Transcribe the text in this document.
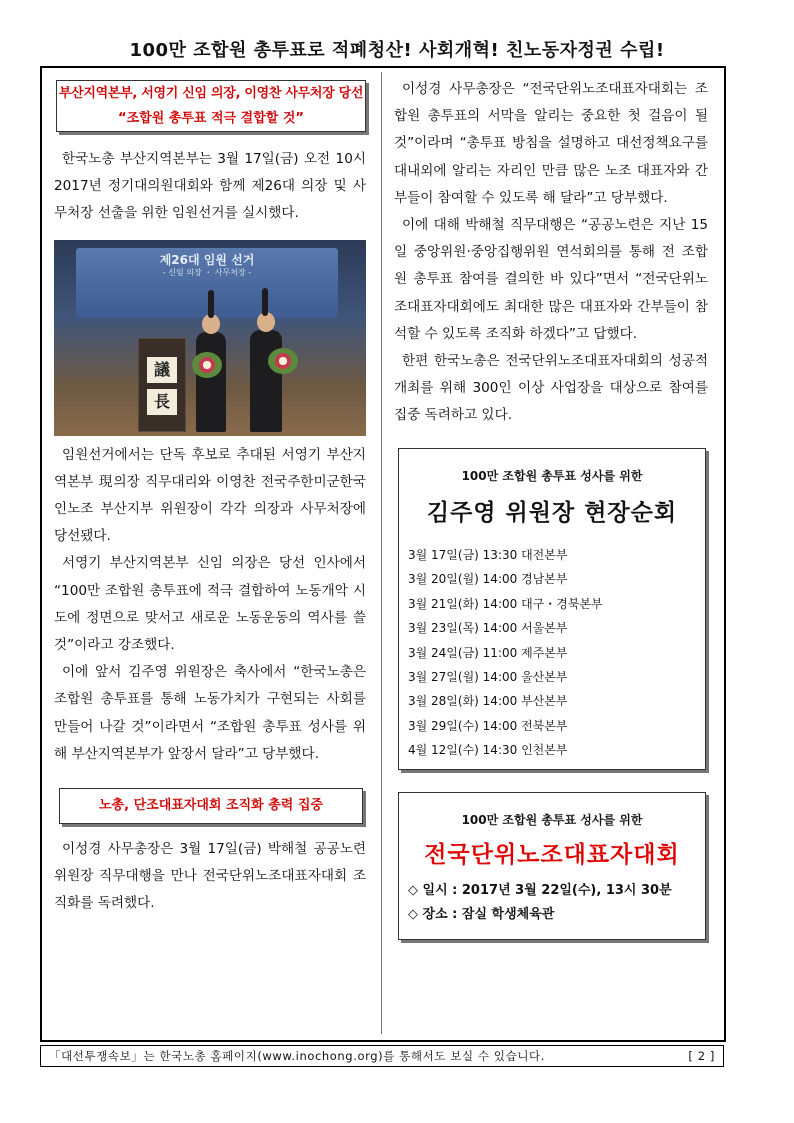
100만 조합원 총투표로 적폐청산! 사회개혁! 친노동자정권 수립!
부산지역본부, 서영기 신임 의장, 이영찬 사무처장 당선
“조합원 총투표 적극 결합할 것”

한국노총 부산지역본부는 3월 17일(금) 오전 10시 2017년 정기대의원대회와 함께 제26대 의장 및 사무처장 선출을 위한 임원선거를 실시했다.

제26대 임원 선거
- 신임 의장 ・ 사무처장 -
議
長

임원선거에서는 단독 후보로 추대된 서영기 부산지역본부 現의장 직무대리와 이영찬 전국주한미군한국인노조 부산지부 위원장이 각각 의장과 사무처장에 당선됐다.

서영기 부산지역본부 신임 의장은 당선 인사에서 “100만 조합원 총투표에 적극 결합하여 노동개악 시도에 정면으로 맞서고 새로운 노동운동의 역사를 쓸 것”이라고 강조했다.

이에 앞서 김주영 위원장은 축사에서 “한국노총은 조합원 총투표를 통해 노동가치가 구현되는 사회를 만들어 나갈 것”이라면서 “조합원 총투표 성사를 위해 부산지역본부가 앞장서 달라”고 당부했다.

노총, 단조대표자대회 조직화 총력 집중

이성경 사무총장은 3월 17일(금) 박해철 공공노련 위원장 직무대행을 만나 전국단위노조대표자대회 조직화를 독려했다.

이성경 사무총장은 “전국단위노조대표자대회는 조합원 총투표의 서막을 알리는 중요한 첫 걸음이 될 것”이라며 “총투표 방침을 설명하고 대선정책요구를 대내외에 알리는 자리인 만큼 많은 노조 대표자와 간부들이 참여할 수 있도록 해 달라”고 당부했다.

이에 대해 박해철 직무대행은 “공공노련은 지난 15일 중앙위원·중앙집행위원 연석회의를 통해 전 조합원 총투표 참여를 결의한 바 있다”면서 “전국단위노조대표자대회에도 최대한 많은 대표자와 간부들이 참석할 수 있도록 조직화 하겠다”고 답했다.

한편 한국노총은 전국단위노조대표자대회의 성공적 개최를 위해 300인 이상 사업장을 대상으로 참여를 집중 독려하고 있다.

100만 조합원 총투표 성사를 위한
김주영 위원장 현장순회
3월 17일(금) 13:30 대전본부
3월 20일(월) 14:00 경남본부
3월 21일(화) 14:00 대구・경북본부
3월 23일(목) 14:00 서울본부
3월 24일(금) 11:00 제주본부
3월 27일(월) 14:00 울산본부
3월 28일(화) 14:00 부산본부
3월 29일(수) 14:00 전북본부
4월 12일(수) 14:30 인천본부
100만 조합원 총투표 성사를 위한
전국단위노조대표자대회
◇ 일시 : 2017년 3월 22일(수), 13시 30분
◇ 장소 : 잠실 학생체육관
「대선투쟁속보」는 한국노총 홈페이지(www.inochong.org)를 통해서도 보실 수 있습니다.	[ 2 ]
